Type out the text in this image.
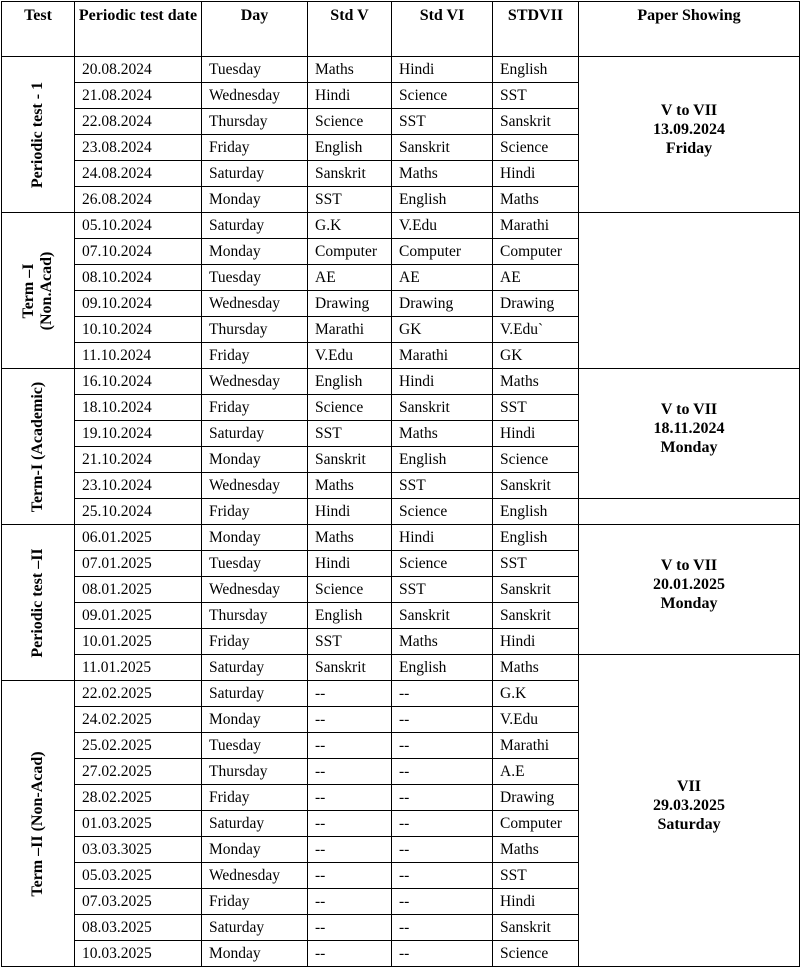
Test	Periodic test date	Day	Std V	Std VI	STDVII	Paper Showing

Periodic test - 1	20.08.2024	Tuesday	Maths	Hindi	English	V to VII
13.09.2024
Friday

	21.08.2024	Wednesday	Hindi	Science	SST	
	22.08.2024	Thursday	Science	SST	Sanskrit	
	23.08.2024	Friday	English	Sanskrit	Science	
	24.08.2024	Saturday	Sanskrit	Maths	Hindi	
	26.08.2024	Monday	SST	English	Maths	

Term –I (Non.Acad)	05.10.2024	Saturday	G.K	V.Edu	Marathi	
	07.10.2024	Monday	Computer	Computer	Computer	
	08.10.2024	Tuesday	AE	AE	AE	
	09.10.2024	Wednesday	Drawing	Drawing	Drawing	
	10.10.2024	Thursday	Marathi	GK	V.Edu`	
	11.10.2024	Friday	V.Edu	Marathi	GK	

Term-I (Academic)	16.10.2024	Wednesday	English	Hindi	Maths	V to VII
18.11.2024
Monday

	18.10.2024	Friday	Science	Sanskrit	SST	
	19.10.2024	Saturday	SST	Maths	Hindi	
	21.10.2024	Monday	Sanskrit	English	Science	
	23.10.2024	Wednesday	Maths	SST	Sanskrit	
	25.10.2024	Friday	Hindi	Science	English	

Periodic test –II	06.01.2025	Monday	Maths	Hindi	English	V to VII
20.01.2025
Monday

	07.01.2025	Tuesday	Hindi	Science	SST	
	08.01.2025	Wednesday	Science	SST	Sanskrit	
	09.01.2025	Thursday	English	Sanskrit	Sanskrit	
	10.01.2025	Friday	SST	Maths	Hindi	
	11.01.2025	Saturday	Sanskrit	English	Maths	VII
29.03.2025
Saturday

Term –II (Non-Acad)	22.02.2025	Saturday	--	--	G.K	
	24.02.2025	Monday	--	--	V.Edu	
	25.02.2025	Tuesday	--	--	Marathi	
	27.02.2025	Thursday	--	--	A.E	
	28.02.2025	Friday	--	--	Drawing	
	01.03.2025	Saturday	--	--	Computer	
	03.03.3025	Monday	--	--	Maths	
	05.03.2025	Wednesday	--	--	SST	
	07.03.2025	Friday	--	--	Hindi	
	08.03.2025	Saturday	--	--	Sanskrit	
	10.03.2025	Monday	--	--	Science	
